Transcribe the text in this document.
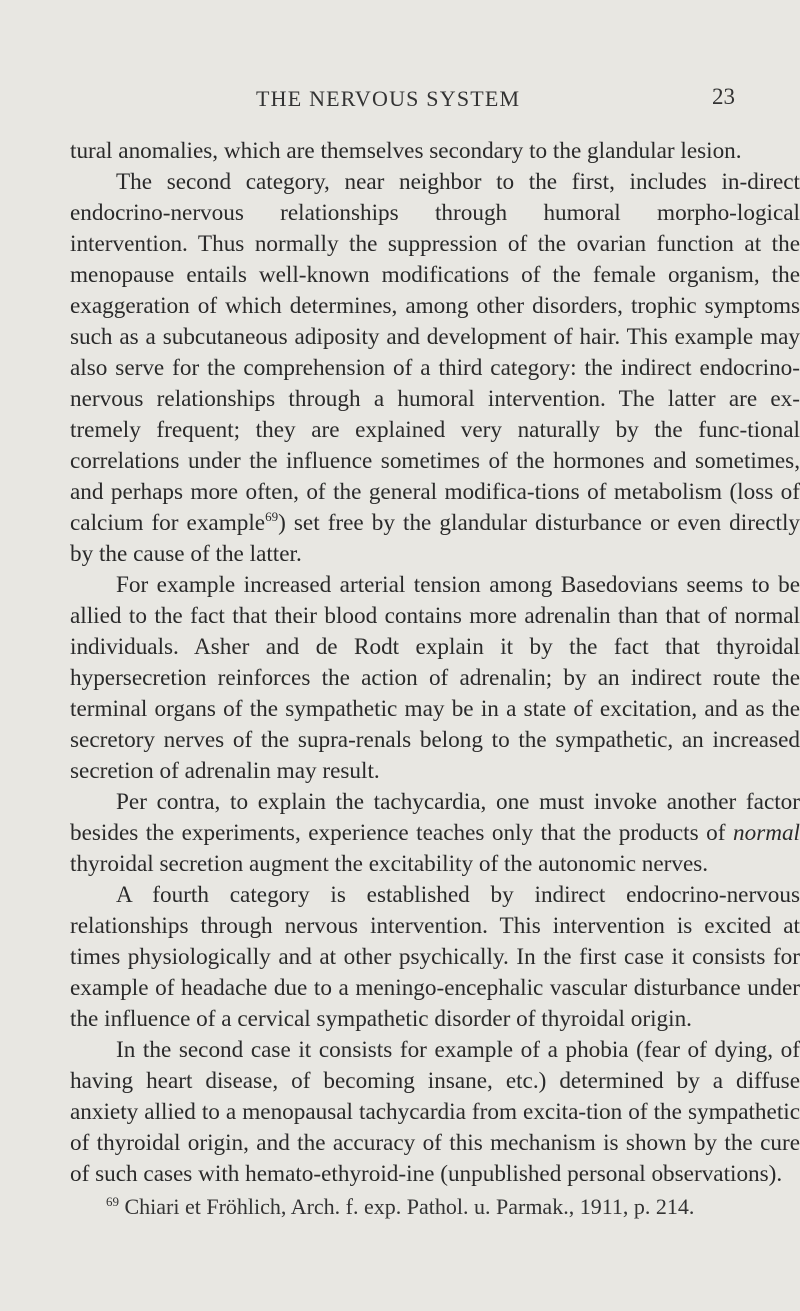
THE NERVOUS SYSTEM	23

tural anomalies, which are themselves secondary to the glandular lesion.

The second category, near neighbor to the first, includes in-direct endocrino-nervous relationships through humoral morpho-logical intervention. Thus normally the suppression of the ovarian function at the menopause entails well-known modifications of the female organism, the exaggeration of which determines, among other disorders, trophic symptoms such as a subcutaneous adiposity and development of hair. This example may also serve for the comprehension of a third category: the indirect endocrino-nervous relationships through a humoral intervention. The latter are ex-tremely frequent; they are explained very naturally by the func-tional correlations under the influence sometimes of the hormones and sometimes, and perhaps more often, of the general modifica-tions of metabolism (loss of calcium for example$^{69}$) set free by the glandular disturbance or even directly by the cause of the latter.

For example increased arterial tension among Basedovians seems to be allied to the fact that their blood contains more adrenalin than that of normal individuals. Asher and de Rodt explain it by the fact that thyroidal hypersecretion reinforces the action of adrenalin; by an indirect route the terminal organs of the sympathetic may be in a state of excitation, and as the secretory nerves of the supra-renals belong to the sympathetic, an increased secretion of adrenalin may result.

Per contra, to explain the tachycardia, one must invoke another factor besides the experiments, experience teaches only that the products of normal thyroidal secretion augment the excitability of the autonomic nerves.

A fourth category is established by indirect endocrino-nervous relationships through nervous intervention. This intervention is excited at times physiologically and at other psychically. In the first case it consists for example of headache due to a meningo-encephalic vascular disturbance under the influence of a cervical sympathetic disorder of thyroidal origin.

In the second case it consists for example of a phobia (fear of dying, of having heart disease, of becoming insane, etc.) determined by a diffuse anxiety allied to a menopausal tachycardia from excita-tion of the sympathetic of thyroidal origin, and the accuracy of this mechanism is shown by the cure of such cases with hemato-ethyroid-ine (unpublished personal observations).

$^{69}$ Chiari et Fröhlich, Arch. f. exp. Pathol. u. Parmak., 1911, p. 214.
